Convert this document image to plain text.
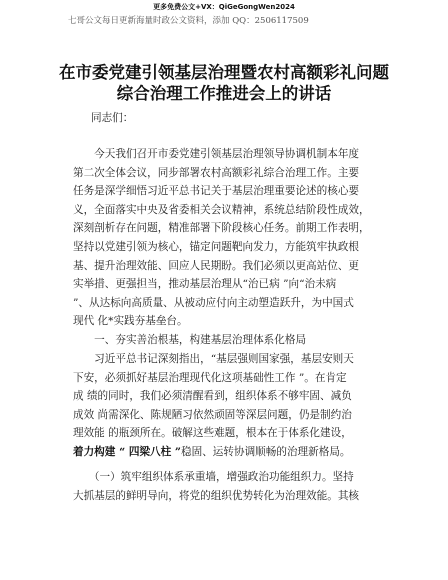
更多免费公文+VX：QiGeGongWen2024
七哥公文每日更新海量时政公文资料，添加 QQ：2506117509
在市委党建引领基层治理暨农村高额彩礼问题
综合治理工作推进会上的讲话
同志们：
　　今天我们召开市委党建引领基层治理领导协调机制本年度
第二次全体会议，同步部署农村高额彩礼综合治理工作。主要
任务是深学细悟习近平总书记关于基层治理重要论述的核心要
义，全面落实中央及省委相关会议精神，系统总结阶段性成效，
深刻剖析存在问题，精准部署下阶段核心任务。前期工作表明，
坚持以党建引领为核心，锚定问题靶向发力，方能筑牢执政根
基、提升治理效能、回应人民期盼。我们必须以更高站位、更
实举措、更强担当，推动基层治理从“治已病 ”向“治未病
”、从达标向高质量、从被动应付向主动塑造跃升，为中国式
现代 化*实践夯基垒台。
　　一、夯实善治根基，构建基层治理体系化格局
　　习近平总书记深刻指出，“基层强则国家强，基层安则天
下安，必须抓好基层治理现代化这项基础性工作 ”。在肯定
成 绩的同时，我们必须清醒看到，组织体系不够牢固、减负
成效 尚需深化、陈规陋习依然顽固等深层问题，仍是制约治
理效能 的瓶颈所在。破解这些难题，根本在于体系化建设，
着力构建 “ 四梁八柱 ”稳固、运转协调顺畅的治理新格局。
　　（一）筑牢组织体系承重墙，增强政治功能组织力。坚持
大抓基层的鲜明导向，将党的组织优势转化为治理效能。其核
